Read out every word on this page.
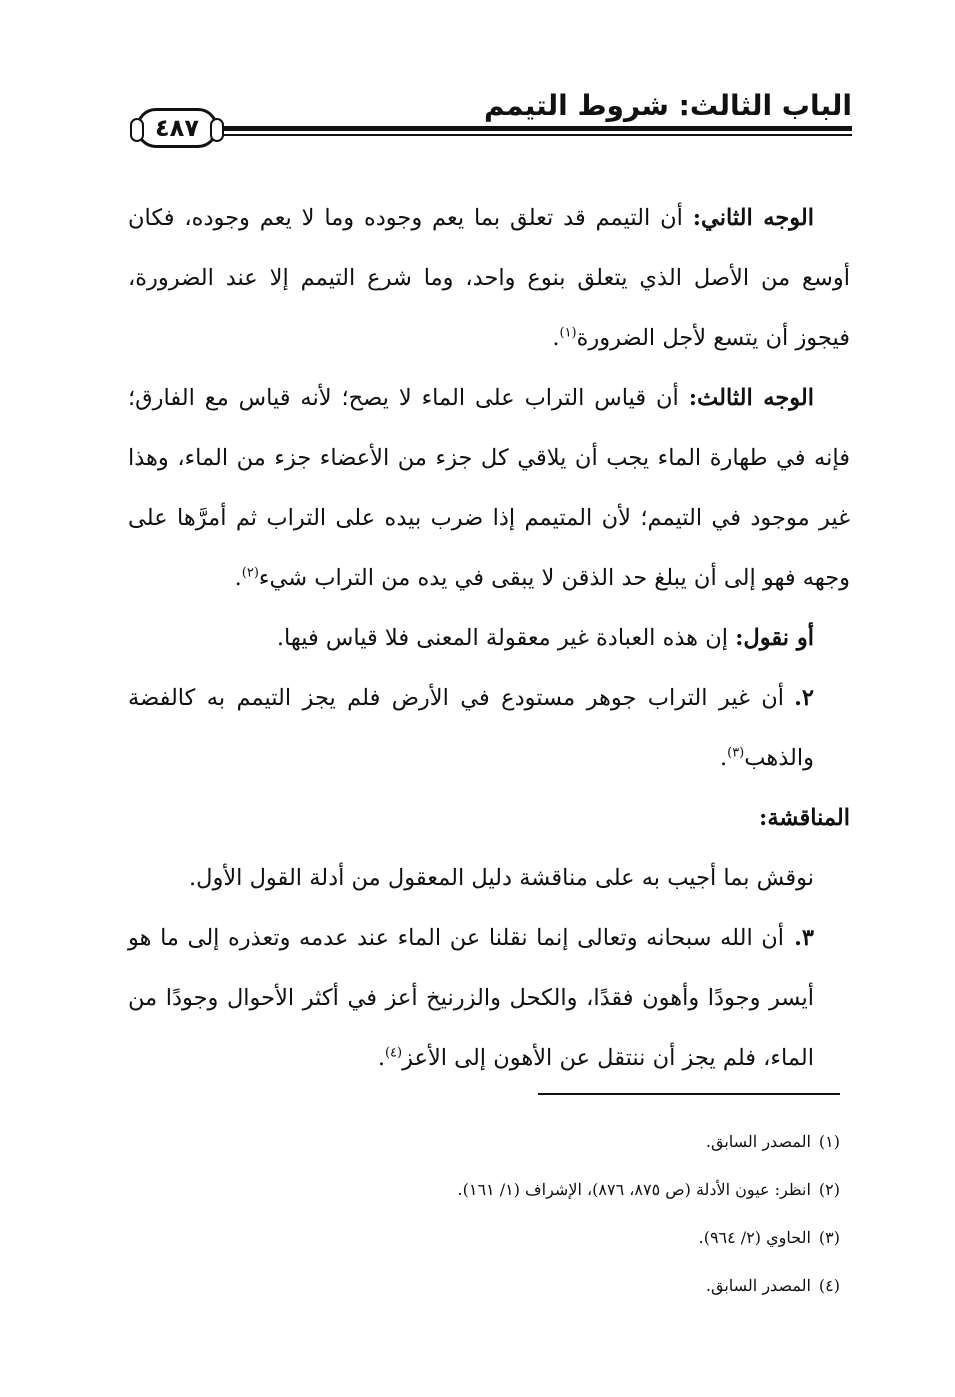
الباب الثالث: شروط التيمم
٤٨٧

الوجه الثاني: أن التيمم قد تعلق بما يعم وجوده وما لا يعم وجوده، فكان أوسع من الأصل الذي يتعلق بنوع واحد، وما شرع التيمم إلا عند الضرورة، فيجوز أن يتسع لأجل الضرورة$^{(١)}$.

الوجه الثالث: أن قياس التراب على الماء لا يصح؛ لأنه قياس مع الفارق؛ فإنه في طهارة الماء يجب أن يلاقي كل جزء من الأعضاء جزء من الماء، وهذا غير موجود في التيمم؛ لأن المتيمم إذا ضرب بيده على التراب ثم أمرَّها على وجهه فهو إلى أن يبلغ حد الذقن لا يبقى في يده من التراب شيء$^{(٢)}$.

أو نقول: إن هذه العبادة غير معقولة المعنى فلا قياس فيها.

٢.أن غير التراب جوهر مستودع في الأرض فلم يجز التيمم به كالفضة والذهب$^{(٣)}$.

المناقشة:

نوقش بما أجيب به على مناقشة دليل المعقول من أدلة القول الأول.

٣.أن الله سبحانه وتعالى إنما نقلنا عن الماء عند عدمه وتعذره إلى ما هو أيسر وجودًا وأهون فقدًا، والكحل والزرنيخ أعز في أكثر الأحوال وجودًا من الماء، فلم يجز أن ننتقل عن الأهون إلى الأعز$^{(٤)}$.

(١)المصدر السابق.

(٢)انظر: عيون الأدلة (ص ٨٧٥، ٨٧٦)، الإشراف (١/ ١٦١).

(٣)الحاوي (٢/ ٩٦٤).

(٤)المصدر السابق.
